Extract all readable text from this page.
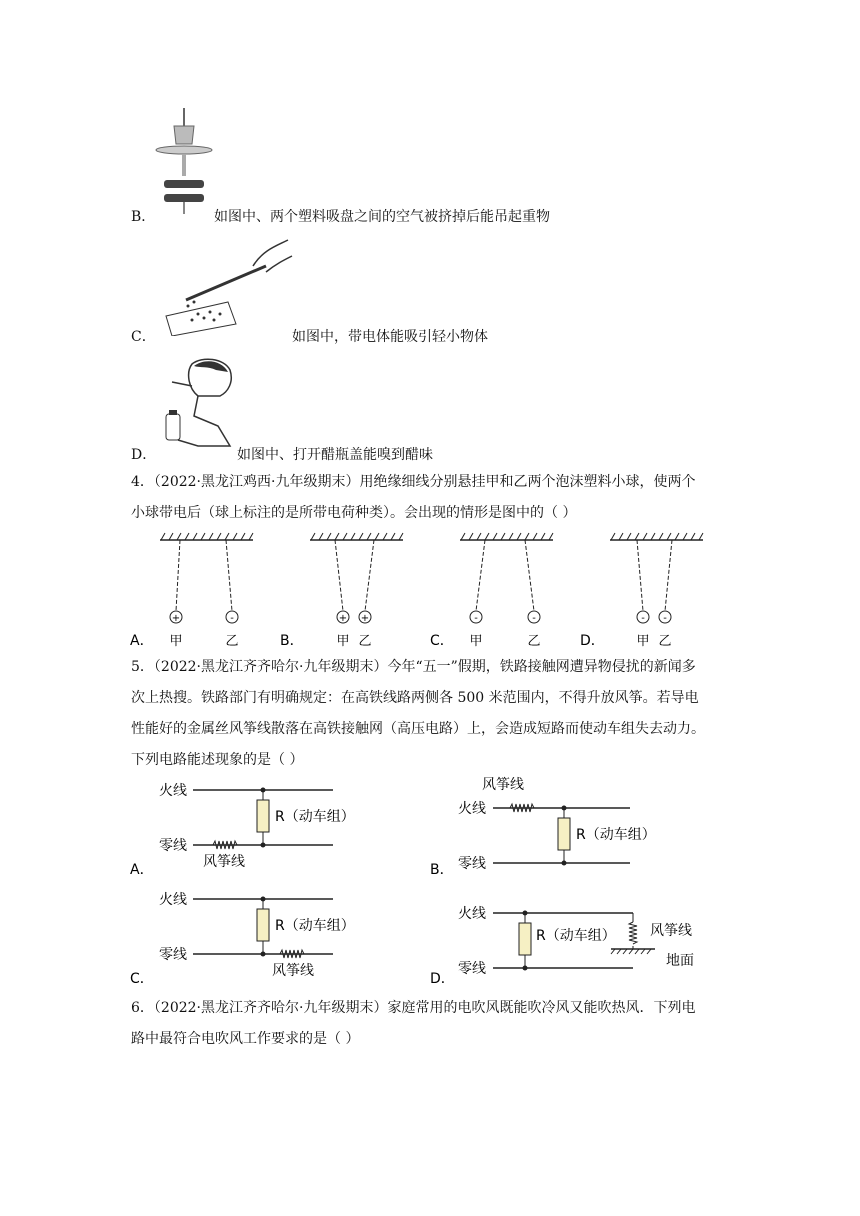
B．	如图中、两个塑料吸盘之间的空气被挤掉后能吊起重物
C．	如图中，带电体能吸引轻小物体
D．	如图中、打开醋瓶盖能嗅到醋味
4．（2022·黑龙江鸡西·九年级期末）用绝缘细线分别悬挂甲和乙两个泡沫塑料小球，使两个
小球带电后（球上标注的是所带电荷种类）。会出现的情形是图中的（ ）
+	-
A． 甲	乙
+ +
B．	甲 乙
-	-
C． 甲	乙
- -
D． 甲 乙
5．（2022·黑龙江齐齐哈尔·九年级期末）今年“五一”假期，铁路接触网遭异物侵扰的新闻多
次上热搜。铁路部门有明确规定：在高铁线路两侧各 500 米范围内，不得升放风筝。若导电
性能好的金属丝风筝线散落在高铁接触网（高压电路）上，会造成短路而使动车组失去动力。
下列电路能述现象的是（ ）
火线
R（动车组）
零线
风筝线
A．
风筝线
火线
R（动车组）
零线
B．
火线
R（动车组）
零线
风筝线
C．
火线
R（动车组）
零线
风筝线
地面
D．
6．（2022·黑龙江齐齐哈尔·九年级期末）家庭常用的电吹风既能吹冷风又能吹热风．下列电
路中最符合电吹风工作要求的是（ ）
